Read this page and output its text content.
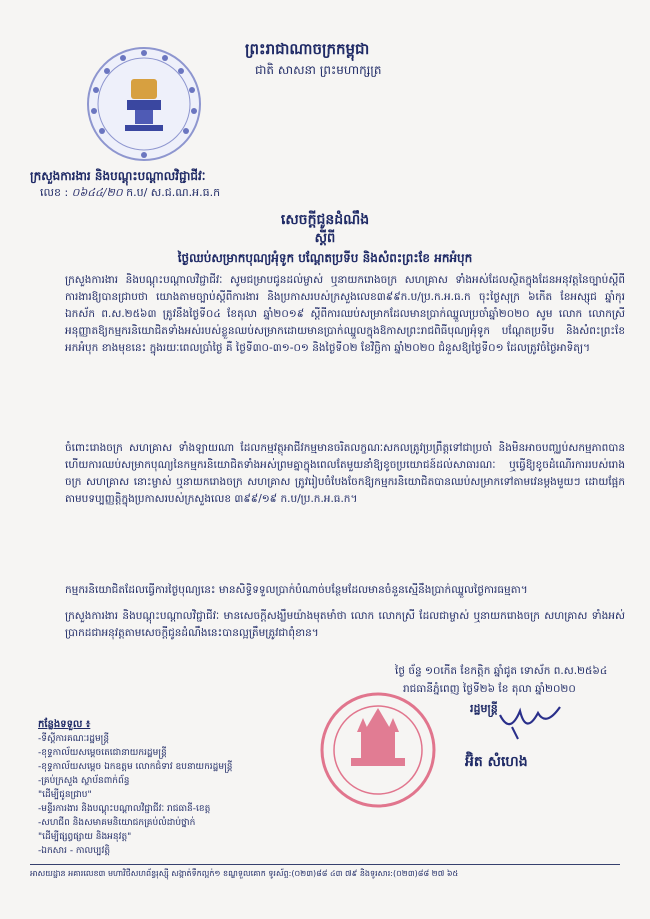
ព្រះរាជាណាចក្រកម្ពុជា
ជាតិ សាសនា ព្រះមហាក្សត្រ
ក្រសួងការងារ និងបណ្តុះបណ្តាលវិជ្ជាជីវៈ
លេខ : ០៦៤៤/២០ ក.ប/ ស.ជ.ណ.អ.ធ.ក
សេចក្តីជូនដំណឹង
ស្តីពី
ថ្ងៃឈប់សម្រាកបុណ្យអុំទូក បណ្តែតប្រទីប និងសំពះព្រះខែ អកអំបុក
ក្រសួងការងារ និងបណ្តុះបណ្តាលវិជ្ជាជីវៈ សូមជម្រាបជូនដល់ម្ចាស់ ឬនាយករោងចក្រ សហគ្រាស ទាំងអស់ដែលស្ថិតក្នុងដែនអនុវត្តនៃច្បាប់ស្តីពីការងារឱ្យបានជ្រាបថា យោងតាមច្បាប់ស្តីពីការងារ និងប្រកាសរបស់ក្រសួងលេខ៣៩៩ក.ប/ប្រ.ក.អ.ធ.ក ចុះថ្ងៃសុក្រ ៦កើត ខែអស្សុជ ឆ្នាំកុរ ឯកស័ក ព.ស.២៥៦៣ ត្រូវនឹងថ្ងៃទី០៤ ខែតុលា ឆ្នាំ២០១៩ ស្តីពីការឈប់សម្រាកដែលមានប្រាក់ឈ្នួលប្រចាំឆ្នាំ២០២០ សូម លោក លោកស្រី អនុញ្ញាតឱ្យកម្មករនិយោជិតទាំងអស់របស់ខ្លួនឈប់សម្រាកដោយមានប្រាក់ឈ្នួលក្នុងឱកាសព្រះរាជពិធីបុណ្យអុំទូក បណ្តែតប្រទីប និងសំពះព្រះខែ អកអំបុក ខាងមុខនេះ ក្នុងរយៈពេលប្រាំថ្ងៃ គឺ ថ្ងៃទី៣០-៣១-០១ និងថ្ងៃទី០២ ខែវិច្ឆិកា ឆ្នាំ២០២០ ជំនួសឱ្យថ្ងៃទី០១ ដែលត្រូវចំថ្ងៃអាទិត្យ។
ចំពោះរោងចក្រ សហគ្រាស ទាំងឡាយណា ដែលកម្មវត្ថុអាជីវកម្មមានចរិតលក្ខណៈសកលត្រូវប្រព្រឹត្តទៅជាប្រចាំ និងមិនអាចបញ្ឈប់សកម្មភាពបាន ហើយការឈប់សម្រាកបុណ្យនៃកម្មករនិយោជិតទាំងអស់ព្រមគ្នាក្នុងពេលតែមួយនាំឱ្យខូចប្រយោជន៍ដល់សាធារណៈ ឬធ្វើឱ្យខូចដំណើរការរបស់រោងចក្រ សហគ្រាស នោះម្ចាស់ ឬនាយករោងចក្រ សហគ្រាស ត្រូវរៀបចំបែងចែកឱ្យកម្មករនិយោជិតបានឈប់សម្រាកទៅតាមវេនម្តងមួយៗ ដោយផ្អែកតាមបទប្បញ្ញត្តិក្នុងប្រកាសរបស់ក្រសួងលេខ ៣៩៩/១៩ ក.ប/ប្រ.ក.អ.ធ.ក។
កម្មករនិយោជិតដែលធ្វើការថ្ងៃបុណ្យនេះ មានសិទ្ធិទទួលប្រាក់បំណាច់បន្ថែមដែលមានចំនួនស្មើនឹងប្រាក់ឈ្នួលថ្ងៃការធម្មតា។
ក្រសួងការងារ និងបណ្តុះបណ្តាលវិជ្ជាជីវៈ មានសេចក្តីសង្ឃឹមយ៉ាងមុតមាំថា លោក លោកស្រី ដែលជាម្ចាស់ ឬនាយករោងចក្រ សហគ្រាស ទាំងអស់ប្រាកដជាអនុវត្តតាមសេចក្តីជូនដំណឹងនេះបានល្អត្រឹមត្រូវជាពុំខាន។
ថ្ងៃ ច័ន្ទ ១០កើត ខែកត្តិក ឆ្នាំជូត ទោស័ក ព.ស.២៥៦៤
រាជធានីភ្នំពេញ ថ្ងៃទី២៦ ខែ តុលា ឆ្នាំ២០២០
រដ្ឋមន្ត្រី
អ៊ិត សំហេង
កន្លែងទទួល ៖
-ទីស្តីការគណៈរដ្ឋមន្ត្រី
-ខុទ្ទកាល័យសម្តេចតេជោនាយករដ្ឋមន្ត្រី
-ខុទ្ទកាល័យសម្តេច ឯកឧត្តម លោកជំទាវ ឧបនាយករដ្ឋមន្ត្រី
-គ្រប់ក្រសួង ស្ថាប័នពាក់ព័ន្ធ
"ដើម្បីជូនជ្រាប"
-មន្ទីរការងារ និងបណ្តុះបណ្តាលវិជ្ជាជីវៈ រាជធានី-ខេត្ត
-សហជីព និងសមាគមនិយោជកគ្រប់លំដាប់ថ្នាក់
"ដើម្បីផ្សព្វផ្សាយ និងអនុវត្ត"
-ឯកសារ - កាលប្បវត្តិ
អាសយដ្ឋាន អគារលេខ៣ មហាវិថីសហព័ន្ធរុស្ស៊ី សង្កាត់ទឹកល្អក់១ ខណ្ឌទួលគោក ទូរស័ព្ទ:(០២៣)៨៨ ៤៣ ៧៩ និងទូរសារ:(០២៣)៨៨ ២៧ ៦៥
